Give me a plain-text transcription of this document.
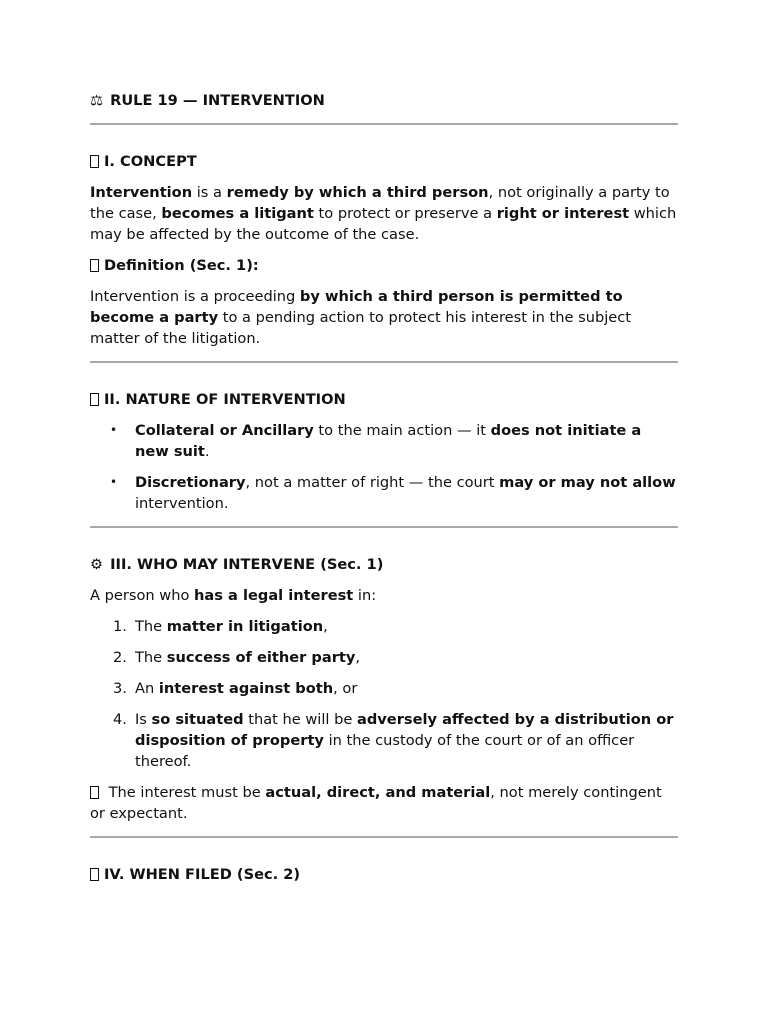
⚖ RULE 19 — INTERVENTION
I. CONCEPT

Intervention is a remedy by which a third person, not originally a party to the case, becomes a litigant to protect or preserve a right or interest which may be affected by the outcome of the case.

Definition (Sec. 1):

Intervention is a proceeding by which a third person is permitted to become a party to a pending action to protect his interest in the subject matter of the litigation.

II. NATURE OF INTERVENTION
• Collateral or Ancillary to the main action — it does not initiate a new suit.
• Discretionary, not a matter of right — the court may or may not allow intervention.
⚙ III. WHO MAY INTERVENE (Sec. 1)

A person who has a legal interest in:

1. The matter in litigation,
2. The success of either party,
3. An interest against both, or
4. Is so situated that he will be adversely affected by a distribution or disposition of property in the custody of the court or of an officer thereof.

The interest must be actual, direct, and material, not merely contingent or expectant.

IV. WHEN FILED (Sec. 2)
